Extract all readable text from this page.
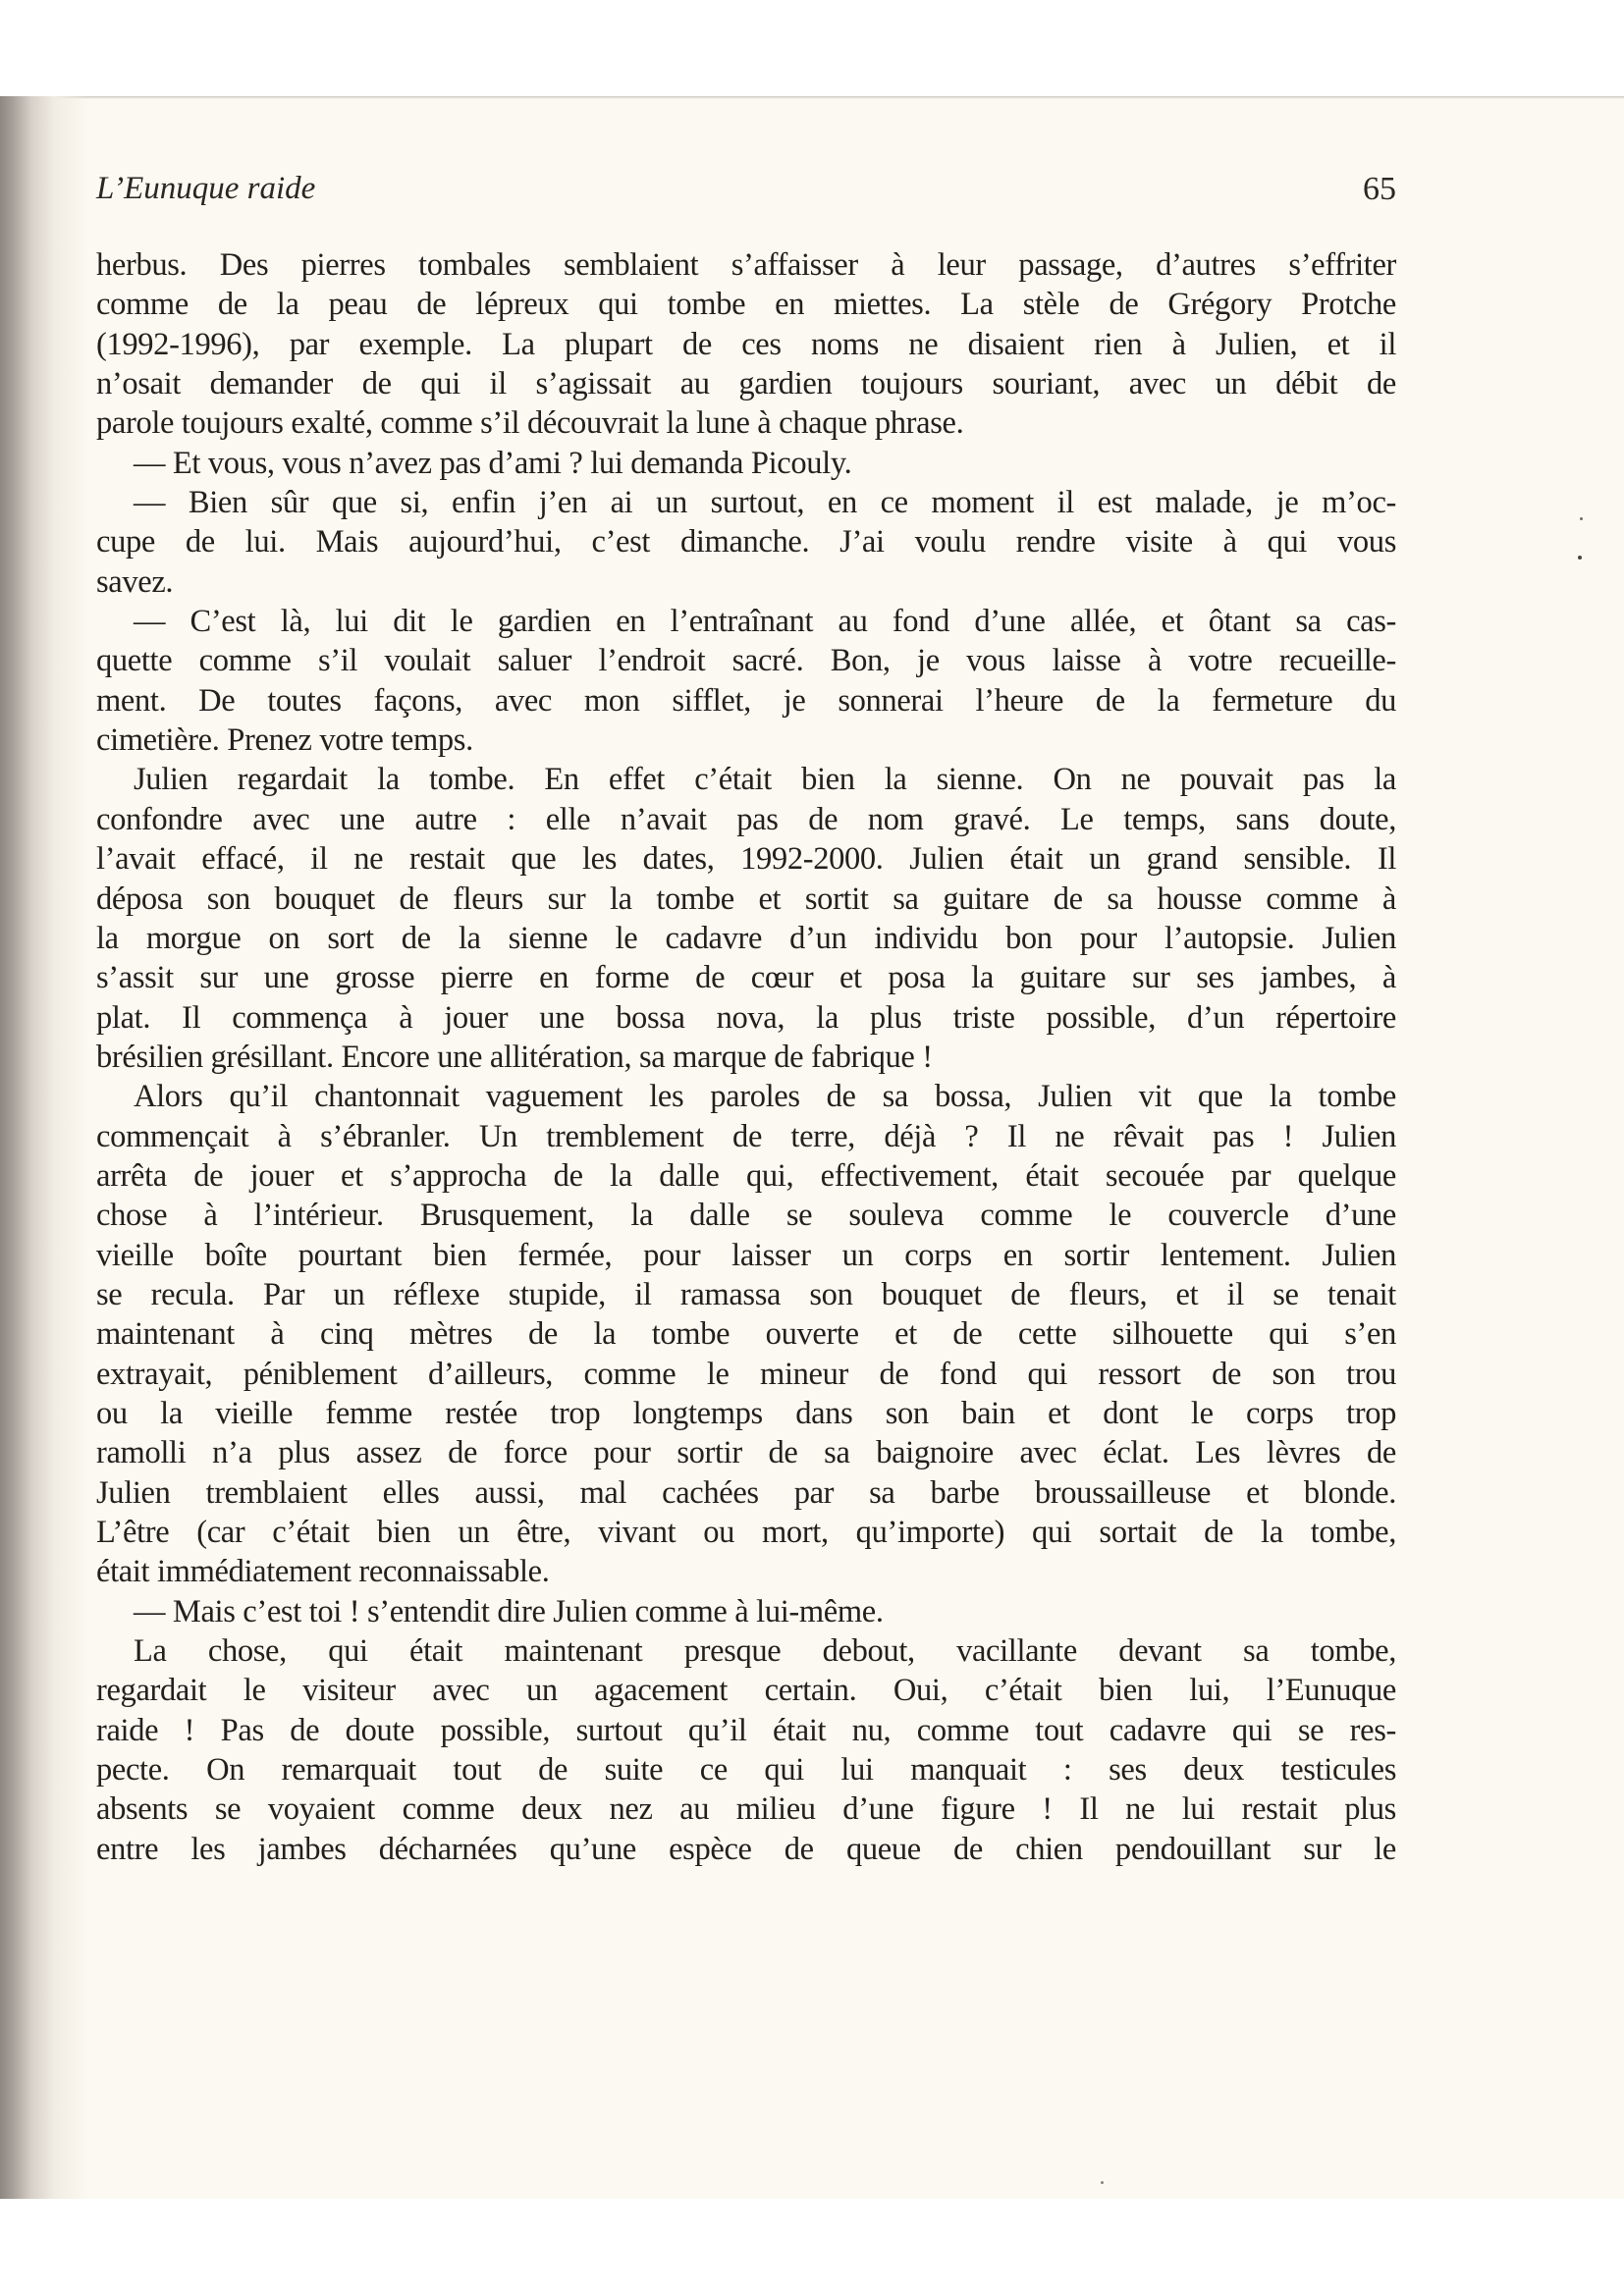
L’Eunuque raide	65
herbus. Des pierres tombales semblaient s’affaisser à leur passage, d’autres s’effriter
comme de la peau de lépreux qui tombe en miettes. La stèle de Grégory Protche
(1992-1996), par exemple. La plupart de ces noms ne disaient rien à Julien, et il
n’osait demander de qui il s’agissait au gardien toujours souriant, avec un débit de
parole toujours exalté, comme s’il découvrait la lune à chaque phrase.
— Et vous, vous n’avez pas d’ami ? lui demanda Picouly.
— Bien sûr que si, enfin j’en ai un surtout, en ce moment il est malade, je m’oc-
cupe de lui. Mais aujourd’hui, c’est dimanche. J’ai voulu rendre visite à qui vous
savez.
— C’est là, lui dit le gardien en l’entraînant au fond d’une allée, et ôtant sa cas-
quette comme s’il voulait saluer l’endroit sacré. Bon, je vous laisse à votre recueille-
ment. De toutes façons, avec mon sifflet, je sonnerai l’heure de la fermeture du
cimetière. Prenez votre temps.
Julien regardait la tombe. En effet c’était bien la sienne. On ne pouvait pas la
confondre avec une autre : elle n’avait pas de nom gravé. Le temps, sans doute,
l’avait effacé, il ne restait que les dates, 1992-2000. Julien était un grand sensible. Il
déposa son bouquet de fleurs sur la tombe et sortit sa guitare de sa housse comme à
la morgue on sort de la sienne le cadavre d’un individu bon pour l’autopsie. Julien
s’assit sur une grosse pierre en forme de cœur et posa la guitare sur ses jambes, à
plat. Il commença à jouer une bossa nova, la plus triste possible, d’un répertoire
brésilien grésillant. Encore une allitération, sa marque de fabrique !
Alors qu’il chantonnait vaguement les paroles de sa bossa, Julien vit que la tombe
commençait à s’ébranler. Un tremblement de terre, déjà ? Il ne rêvait pas ! Julien
arrêta de jouer et s’approcha de la dalle qui, effectivement, était secouée par quelque
chose à l’intérieur. Brusquement, la dalle se souleva comme le couvercle d’une
vieille boîte pourtant bien fermée, pour laisser un corps en sortir lentement. Julien
se recula. Par un réflexe stupide, il ramassa son bouquet de fleurs, et il se tenait
maintenant à cinq mètres de la tombe ouverte et de cette silhouette qui s’en
extrayait, péniblement d’ailleurs, comme le mineur de fond qui ressort de son trou
ou la vieille femme restée trop longtemps dans son bain et dont le corps trop
ramolli n’a plus assez de force pour sortir de sa baignoire avec éclat. Les lèvres de
Julien tremblaient elles aussi, mal cachées par sa barbe broussailleuse et blonde.
L’être (car c’était bien un être, vivant ou mort, qu’importe) qui sortait de la tombe,
était immédiatement reconnaissable.
— Mais c’est toi ! s’entendit dire Julien comme à lui-même.
La chose, qui était maintenant presque debout, vacillante devant sa tombe,
regardait le visiteur avec un agacement certain. Oui, c’était bien lui, l’Eunuque
raide ! Pas de doute possible, surtout qu’il était nu, comme tout cadavre qui se res-
pecte. On remarquait tout de suite ce qui lui manquait : ses deux testicules
absents se voyaient comme deux nez au milieu d’une figure ! Il ne lui restait plus
entre les jambes décharnées qu’une espèce de queue de chien pendouillant sur le
